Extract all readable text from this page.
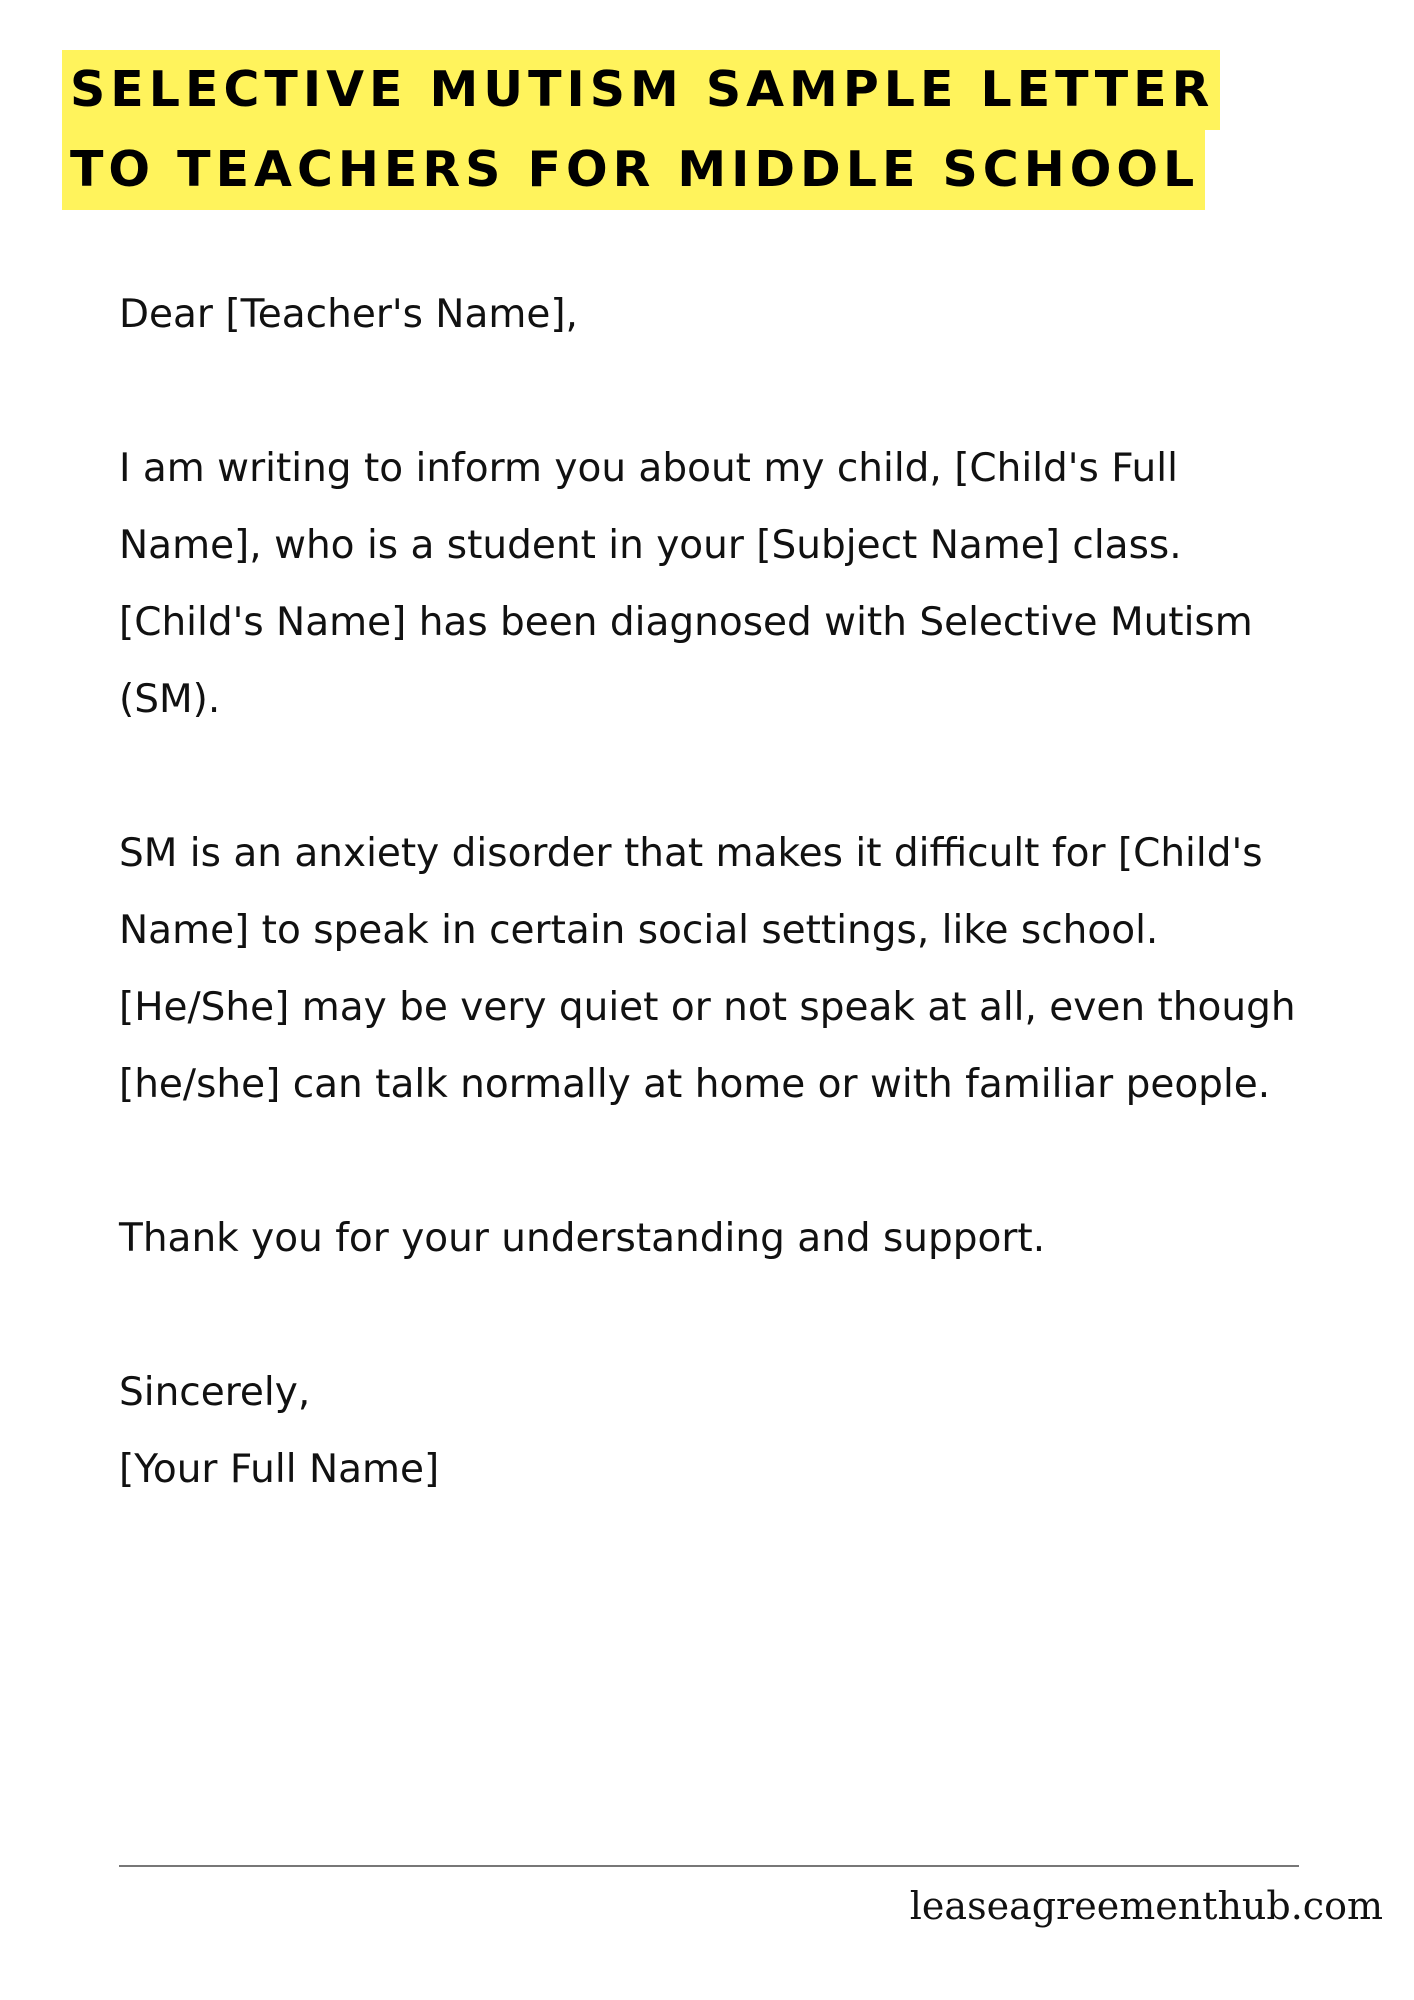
SELECTIVE MUTISM SAMPLE LETTER
TO TEACHERS FOR MIDDLE SCHOOL

Dear [Teacher's Name],

I am writing to inform you about my child, [Child's Full Name], who is a student in your [Subject Name] class. [Child's Name] has been diagnosed with Selective Mutism (SM).

SM is an anxiety disorder that makes it difficult for [Child's Name] to speak in certain social settings, like school. [He/She] may be very quiet or not speak at all, even though [he/she] can talk normally at home or with familiar people.

Thank you for your understanding and support.

Sincerely,
[Your Full Name]
leaseagreementhub.com
